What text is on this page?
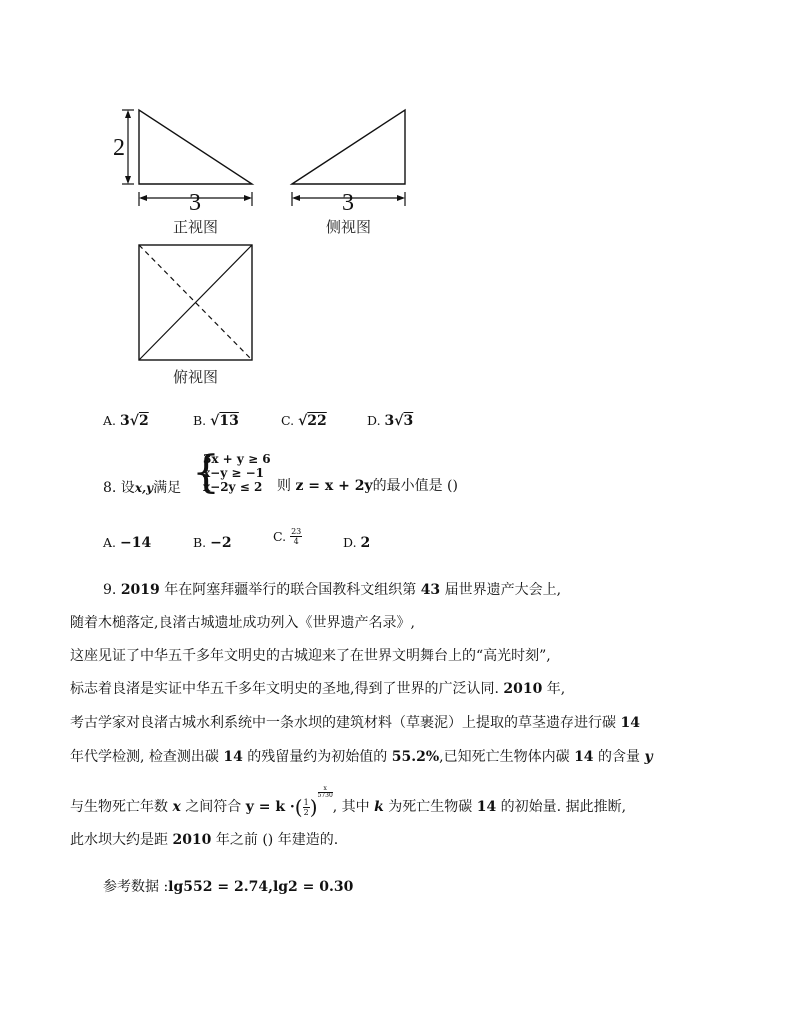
2
3	3
正视图	侧视图
俯视图
A. 3√2	B. √13	C. √22	D. 3√3
8. 设x,y满足 {
3x + y ≥ 6
x−y ≥ −1
x−2y ≤ 2	则 z = x + 2y的最小值是 ()
A. −14	B. −2	C. $\frac{23}{4}$	D. 2
9. 2019 年在阿塞拜疆举行的联合国教科文组织第 43 届世界遗产大会上,
随着木槌落定,良渚古城遗址成功列入《世界遗产名录》,
这座见证了中华五千多年文明史的古城迎来了在世界文明舞台上的“高光时刻”,
标志着良渚是实证中华五千多年文明史的圣地,得到了世界的广泛认同. 2010 年,
考古学家对良渚古城水利系统中一条水坝的建筑材料（草裹泥）上提取的草茎遗存进行碳 14
年代学检测, 检查测出碳 14 的残留量约为初始值的 55.2%,已知死亡生物体内碳 14 的含量 y
与生物死亡年数 x 之间符合 y = k ·( $\frac{1}{2}$ )
$\frac{x}{5730}$
, 其中 k 为死亡生物碳 14 的初始量. 据此推断,
此水坝大约是距 2010 年之前 () 年建造的.
参考数据 :lg552 = 2.74,lg2 = 0.30
